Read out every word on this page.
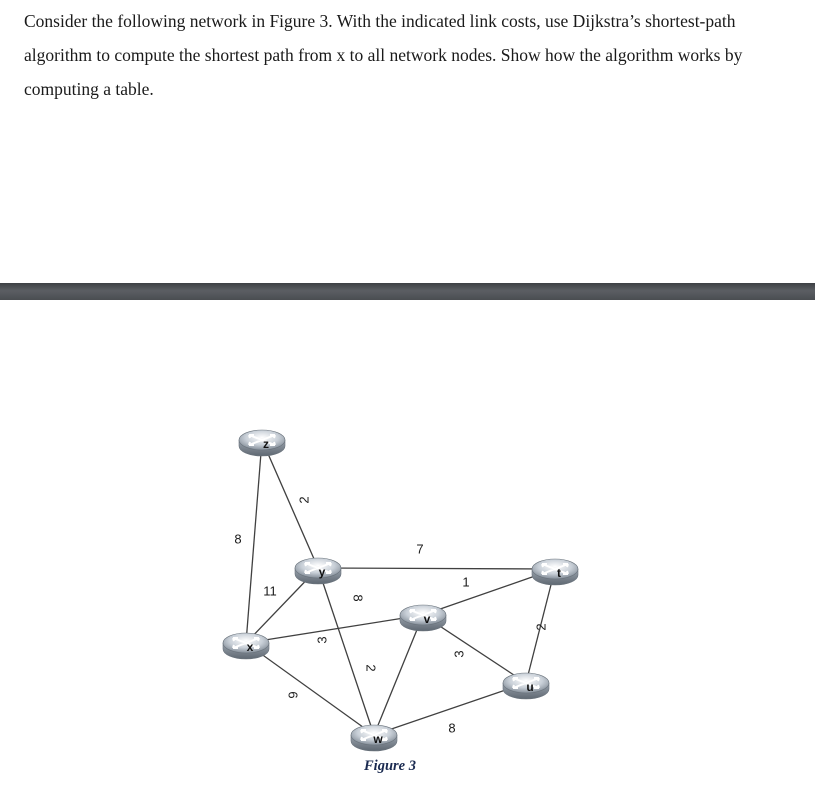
Consider the following network in Figure 3. With the indicated link costs, use Dijkstra’s shortest-path algorithm to compute the shortest path from x to all network nodes. Show how the algorithm works by computing a table.
8
2
7
11	8
1
2
3
3
2
6
8
z
y
x
v
t
u
w
Figure 3
